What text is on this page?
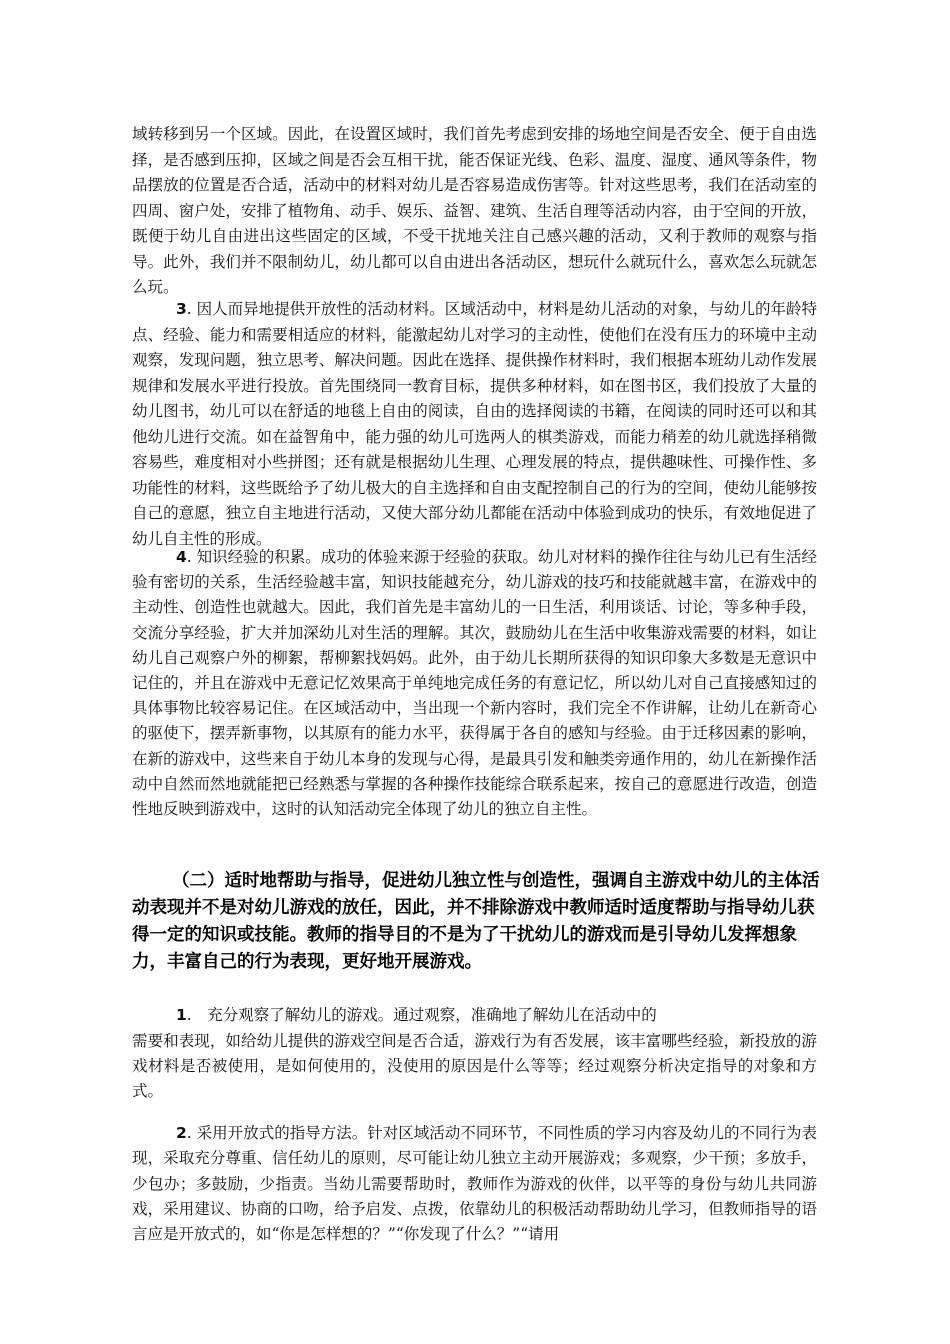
域转移到另一个区域。因此，在设置区域时，我们首先考虑到安排的场地空间是否安全、便于自由选择，是否感到压抑，区域之间是否会互相干扰，能否保证光线、色彩、温度、湿度、通风等条件，物品摆放的位置是否合适，活动中的材料对幼儿是否容易造成伤害等。针对这些思考，我们在活动室的四周、窗户处，安排了植物角、动手、娱乐、益智、建筑、生活自理等活动内容，由于空间的开放，既便于幼儿自由进出这些固定的区域，不受干扰地关注自己感兴趣的活动，又利于教师的观察与指导。此外，我们并不限制幼儿，幼儿都可以自由进出各活动区，想玩什么就玩什么，喜欢怎么玩就怎么玩。

3. 因人而异地提供开放性的活动材料。区域活动中，材料是幼儿活动的对象，与幼儿的年龄特点、经验、能力和需要相适应的材料，能激起幼儿对学习的主动性，使他们在没有压力的环境中主动观察，发现问题，独立思考、解决问题。因此在选择、提供操作材料时，我们根据本班幼儿动作发展规律和发展水平进行投放。首先围绕同一教育目标，提供多种材料，如在图书区，我们投放了大量的幼儿图书，幼儿可以在舒适的地毯上自由的阅读，自由的选择阅读的书籍，在阅读的同时还可以和其他幼儿进行交流。如在益智角中，能力强的幼儿可选两人的棋类游戏，而能力稍差的幼儿就选择稍微容易些，难度相对小些拼图；还有就是根据幼儿生理、心理发展的特点，提供趣味性、可操作性、多功能性的材料，这些既给予了幼儿极大的自主选择和自由支配控制自己的行为的空间，使幼儿能够按自己的意愿，独立自主地进行活动，又使大部分幼儿都能在活动中体验到成功的快乐，有效地促进了幼儿自主性的形成。

4. 知识经验的积累。成功的体验来源于经验的获取。幼儿对材料的操作往往与幼儿已有生活经验有密切的关系，生活经验越丰富，知识技能越充分，幼儿游戏的技巧和技能就越丰富，在游戏中的主动性、创造性也就越大。因此，我们首先是丰富幼儿的一日生活，利用谈话、讨论，等多种手段，交流分享经验，扩大并加深幼儿对生活的理解。其次，鼓励幼儿在生活中收集游戏需要的材料，如让幼儿自己观察户外的柳絮，帮柳絮找妈妈。此外，由于幼儿长期所获得的知识印象大多数是无意识中记住的，并且在游戏中无意记忆效果高于单纯地完成任务的有意记忆，所以幼儿对自己直接感知过的具体事物比较容易记住。在区域活动中，当出现一个新内容时，我们完全不作讲解，让幼儿在新奇心的驱使下，摆弄新事物，以其原有的能力水平，获得属于各自的感知与经验。由于迁移因素的影响，在新的游戏中，这些来自于幼儿本身的发现与心得，是最具引发和触类旁通作用的，幼儿在新操作活动中自然而然地就能把已经熟悉与掌握的各种操作技能综合联系起来，按自己的意愿进行改造，创造性地反映到游戏中，这时的认知活动完全体现了幼儿的独立自主性。

（二）适时地帮助与指导，促进幼儿独立性与创造性，强调自主游戏中幼儿的主体活动表现并不是对幼儿游戏的放任，因此，并不排除游戏中教师适时适度帮助与指导幼儿获得一定的知识或技能。教师的指导目的不是为了干扰幼儿的游戏而是引导幼儿发挥想象力，丰富自己的行为表现，更好地开展游戏。

1.　充分观察了解幼儿的游戏。通过观察，准确地了解幼儿在活动中的

需要和表现，如给幼儿提供的游戏空间是否合适，游戏行为有否发展，该丰富哪些经验，新投放的游戏材料是否被使用，是如何使用的，没使用的原因是什么等等；经过观察分析决定指导的对象和方式。

2. 采用开放式的指导方法。针对区域活动不同环节，不同性质的学习内容及幼儿的不同行为表现，采取充分尊重、信任幼儿的原则，尽可能让幼儿独立主动开展游戏；多观察，少干预；多放手，少包办；多鼓励，少指责。当幼儿需要帮助时，教师作为游戏的伙伴，以平等的身份与幼儿共同游戏，采用建议、协商的口吻，给予启发、点拨，依靠幼儿的积极活动帮助幼儿学习，但教师指导的语言应是开放式的，如“你是怎样想的？”“你发现了什么？”“请用
